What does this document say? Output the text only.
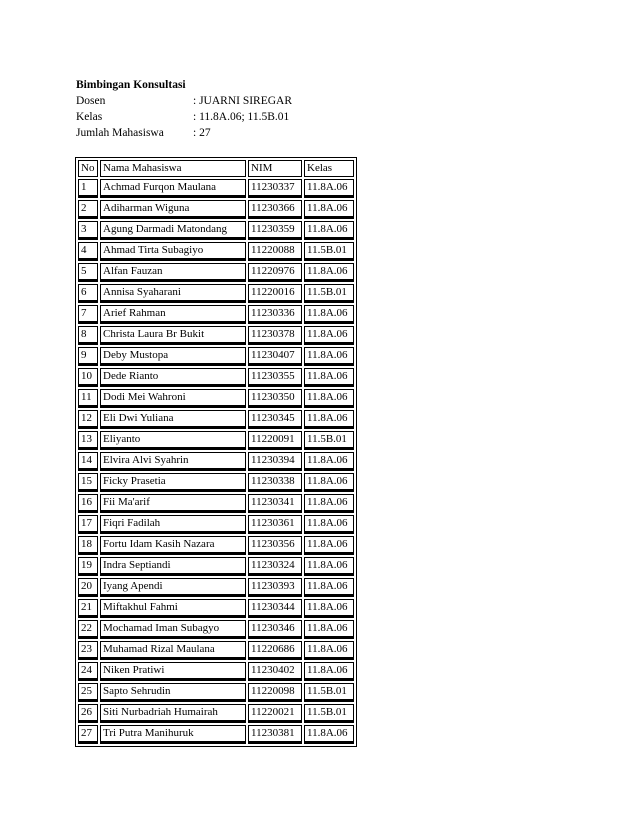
Bimbingan Konsultasi
Dosen	: JUARNI SIREGAR
Kelas	: 11.8A.06; 11.5B.01
Jumlah Mahasiswa	: 27
No	Nama Mahasiswa	NIM	Kelas
1	Achmad Furqon Maulana	11230337	11.8A.06
2	Adiharman Wiguna	11230366	11.8A.06
3	Agung Darmadi Matondang	11230359	11.8A.06
4	Ahmad Tirta Subagiyo	11220088	11.5B.01
5	Alfan Fauzan	11220976	11.8A.06
6	Annisa Syaharani	11220016	11.5B.01
7	Arief Rahman	11230336	11.8A.06
8	Christa Laura Br Bukit	11230378	11.8A.06
9	Deby Mustopa	11230407	11.8A.06
10	Dede Rianto	11230355	11.8A.06
11	Dodi Mei Wahroni	11230350	11.8A.06
12	Eli Dwi Yuliana	11230345	11.8A.06
13	Eliyanto	11220091	11.5B.01
14	Elvira Alvi Syahrin	11230394	11.8A.06
15	Ficky Prasetia	11230338	11.8A.06
16	Fii Ma'arif	11230341	11.8A.06
17	Fiqri Fadilah	11230361	11.8A.06
18	Fortu Idam Kasih Nazara	11230356	11.8A.06
19	Indra Septiandi	11230324	11.8A.06
20	Iyang Apendi	11230393	11.8A.06
21	Miftakhul Fahmi	11230344	11.8A.06
22	Mochamad Iman Subagyo	11230346	11.8A.06
23	Muhamad Rizal Maulana	11220686	11.8A.06
24	Niken Pratiwi	11230402	11.8A.06
25	Sapto Sehrudin	11220098	11.5B.01
26	Siti Nurbadriah Humairah	11220021	11.5B.01
27	Tri Putra Manihuruk	11230381	11.8A.06
